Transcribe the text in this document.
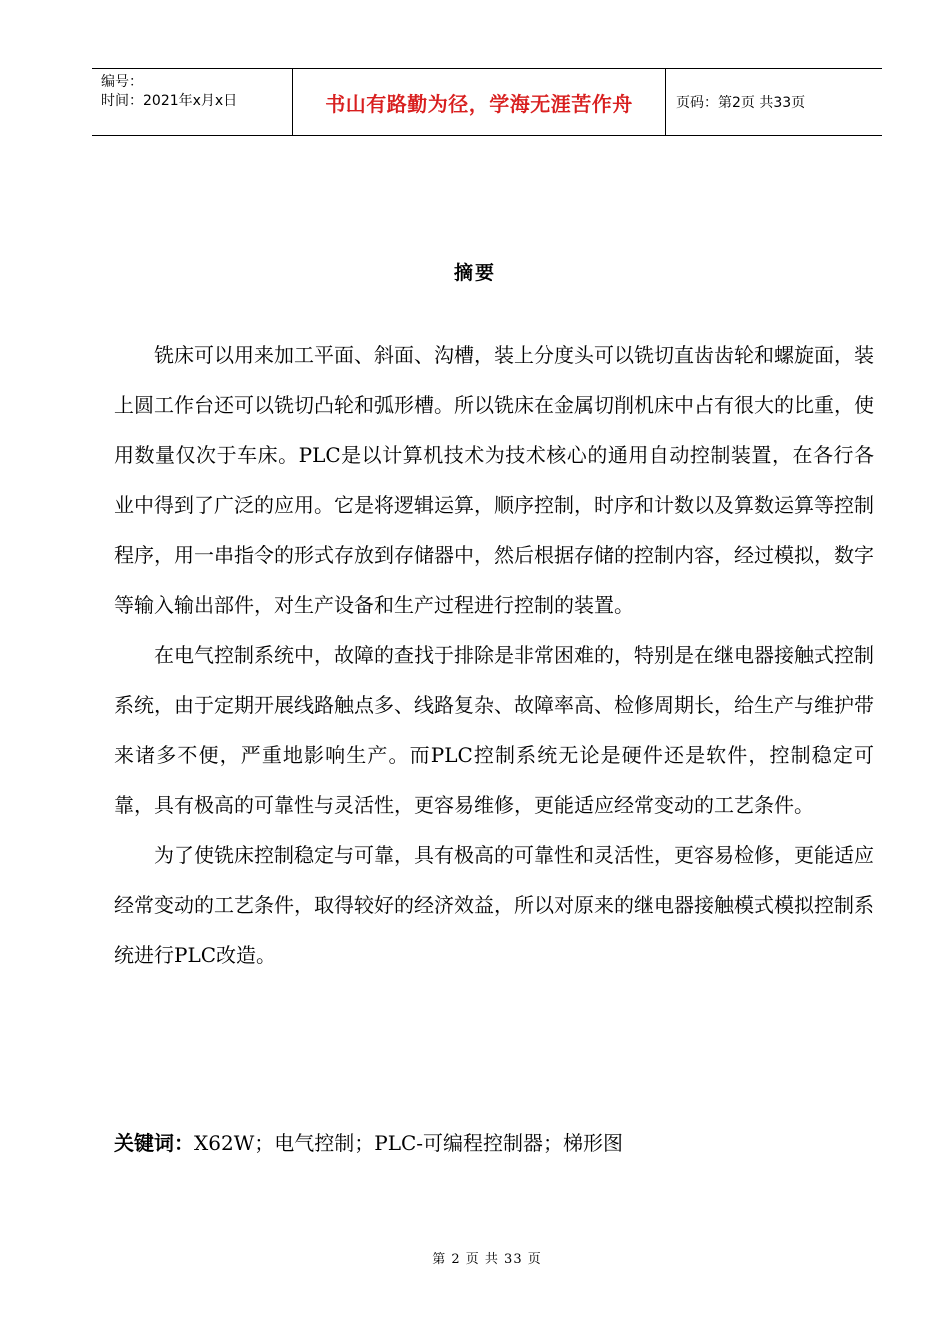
编号：
时间：2021年x月x日	书山有路勤为径，学海无涯苦作舟	页码：第2页 共33页
摘要

铣床可以用来加工平面、斜面、沟槽，装上分度头可以铣切直齿齿轮和螺旋面，装上圆工作台还可以铣切凸轮和弧形槽。所以铣床在金属切削机床中占有很大的比重，使用数量仅次于车床。PLC是以计算机技术为技术核心的通用自动控制装置，在各行各业中得到了广泛的应用。它是将逻辑运算，顺序控制，时序和计数以及算数运算等控制程序，用一串指令的形式存放到存储器中，然后根据存储的控制内容，经过模拟，数字等输入输出部件，对生产设备和生产过程进行控制的装置。

在电气控制系统中，故障的查找于排除是非常困难的，特别是在继电器接触式控制系统，由于定期开展线路触点多、线路复杂、故障率高、检修周期长，给生产与维护带来诸多不便，严重地影响生产。而PLC控制系统无论是硬件还是软件，控制稳定可靠，具有极高的可靠性与灵活性，更容易维修，更能适应经常变动的工艺条件。

为了使铣床控制稳定与可靠，具有极高的可靠性和灵活性，更容易检修，更能适应经常变动的工艺条件，取得较好的经济效益，所以对原来的继电器接触模式模拟控制系统进行PLC改造。

关键词：X62W；电气控制；PLC-可编程控制器；梯形图
第 2 页 共 33 页
